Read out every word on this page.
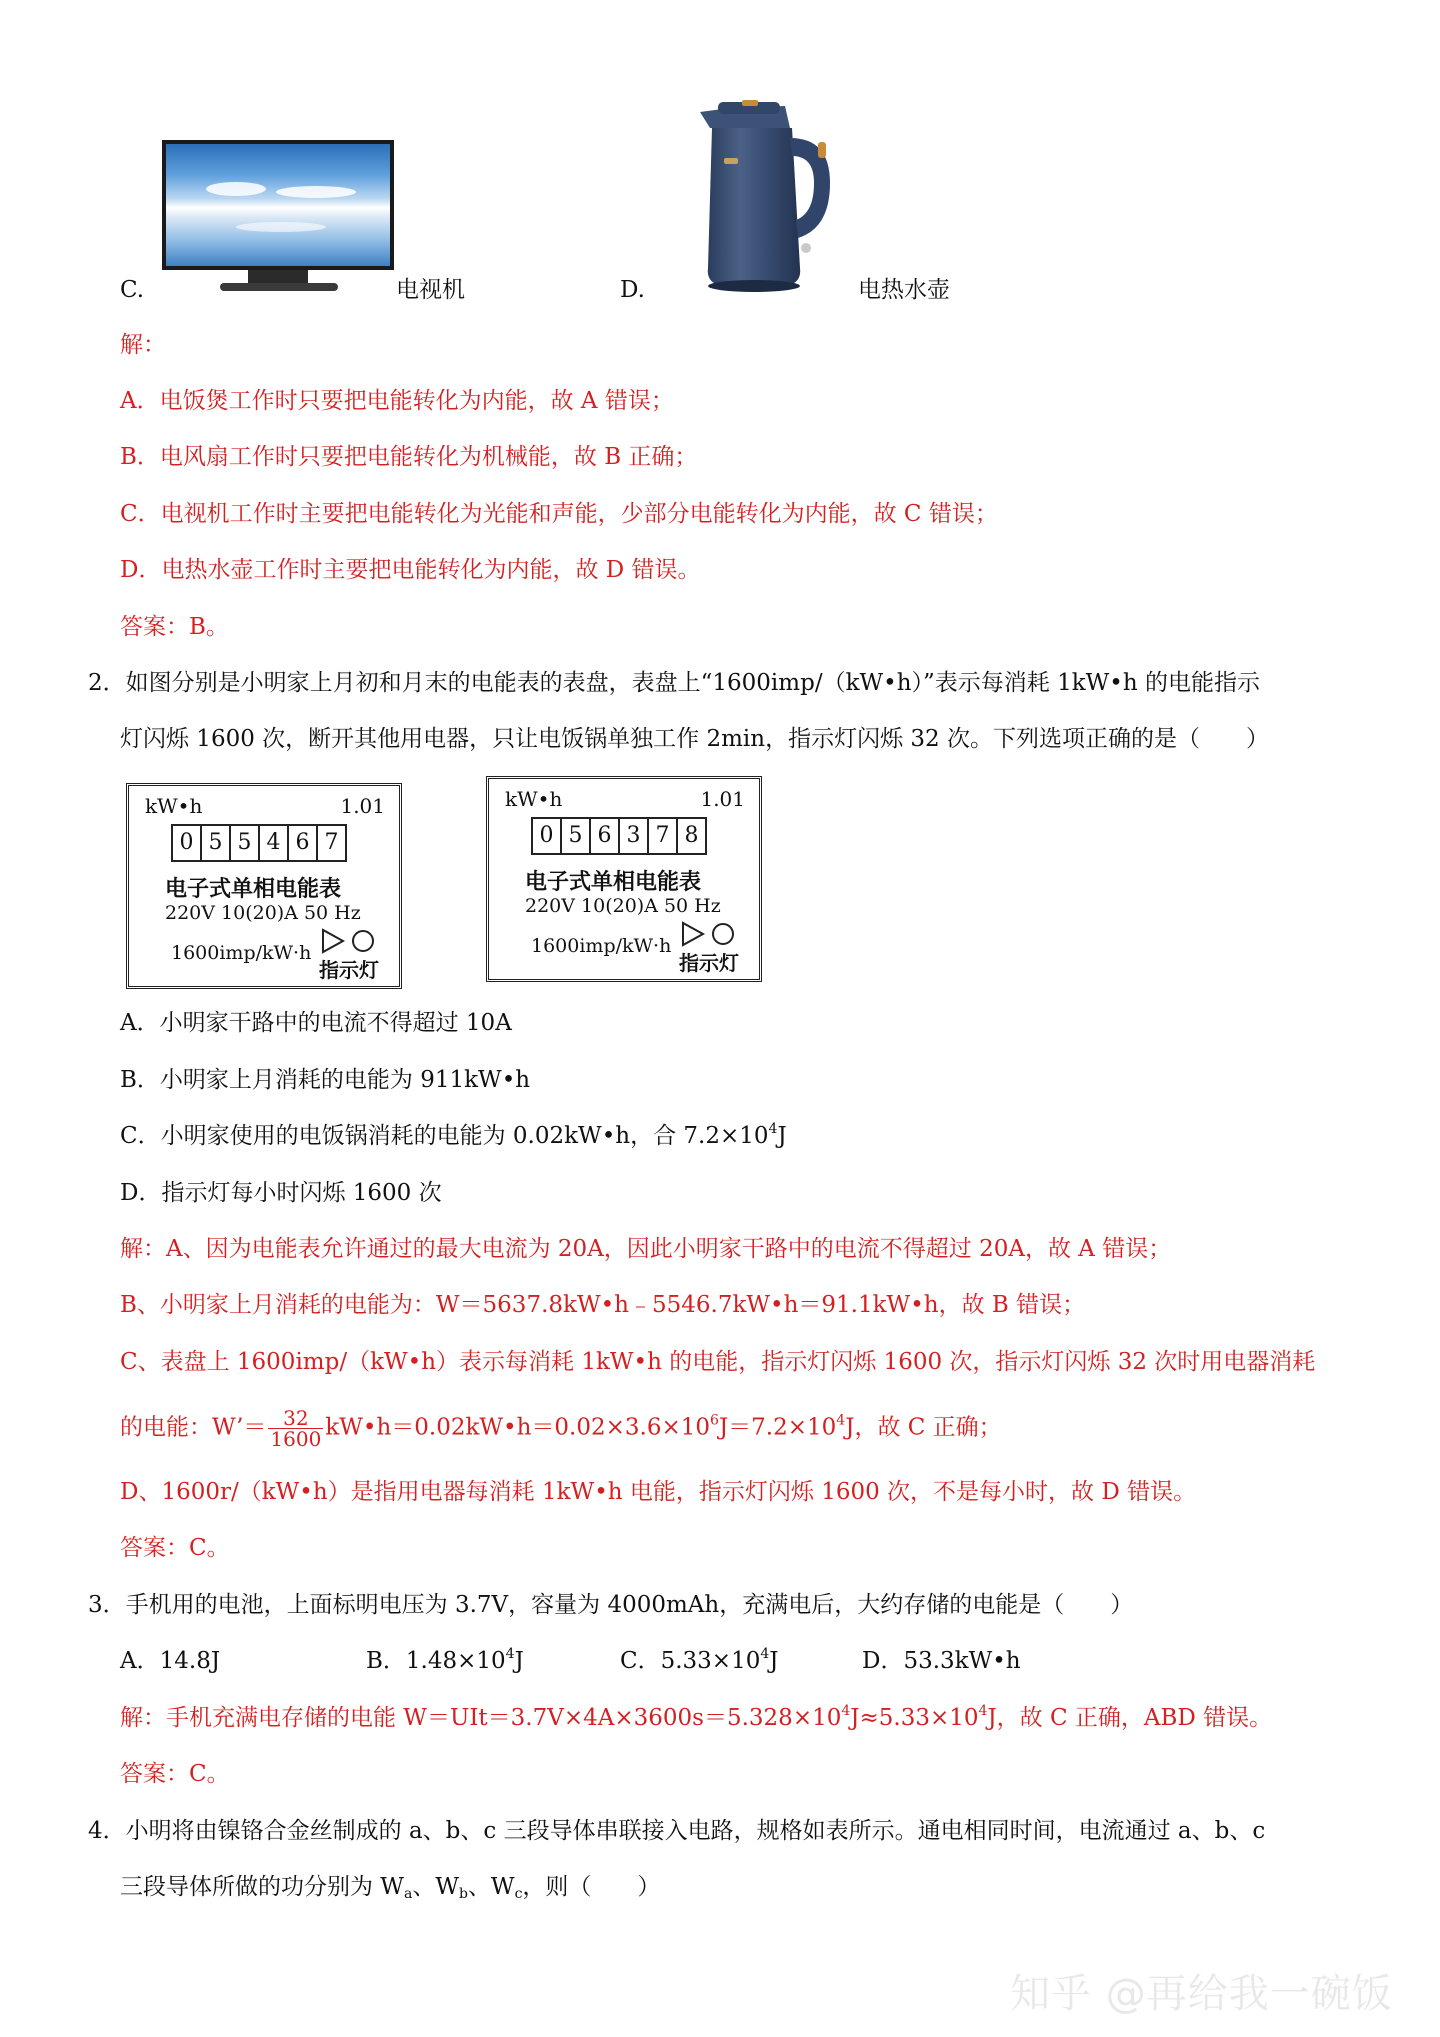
C.	电视机	D.	电热水壶
解：
A．电饭煲工作时只要把电能转化为内能，故 A 错误；
B．电风扇工作时只要把电能转化为机械能，故 B 正确；
C．电视机工作时主要把电能转化为光能和声能，少部分电能转化为内能，故 C 错误；
D．电热水壶工作时主要把电能转化为内能，故 D 错误。
答案：B。
2．如图分别是小明家上月初和月末的电能表的表盘，表盘上“1600imp/（kW•h）”表示每消耗 1kW•h 的电能指示
灯闪烁 1600 次，断开其他用电器，只让电饭锅单独工作 2min，指示灯闪烁 32 次。下列选项正确的是（　　）
kW•h	1.01
0 5 5 4 6 7
电子式单相电能表
220V 10(20)A 50 Hz
1600imp/kW·h
指示灯
kW•h	1.01
0 5 6 3 7 8
电子式单相电能表
220V 10(20)A 50 Hz
1600imp/kW·h
指示灯
A．小明家干路中的电流不得超过 10A
B．小明家上月消耗的电能为 911kW•h
C．小明家使用的电饭锅消耗的电能为 0.02kW•h，合 $7.2\times 10^4J$
D．指示灯每小时闪烁 1600 次
解：A、因为电能表允许通过的最大电流为 20A，因此小明家干路中的电流不得超过 20A，故 A 错误；
B、小明家上月消耗的电能为：W＝5637.8kW•h﹣5546.7kW•h＝91.1kW•h，故 B 错误；
C、表盘上 1600imp/（kW•h）表示每消耗 1kW•h 的电能，指示灯闪烁 1600 次，指示灯闪烁 32 次时用电器消耗
的电能：W’＝ $\frac{32}{1600}$ $kW•h=0.02kW•h=0.02\times 3.6\times 10^6J=7.2\times 10^4J$，故 C 正确；
D、1600r/（kW•h）是指用电器每消耗 1kW•h 电能，指示灯闪烁 1600 次，不是每小时，故 D 错误。
答案：C。
3．手机用的电池，上面标明电压为 3.7V，容量为 4000mAh，充满电后，大约存储的电能是（　　）
A．14.8J	B．$1.48\times 10^4J$	C．$5.33\times 10^4J$	D．53.3kW•h
解：手机充满电存储的电能 $W=UIt=3.7V\times 4A\times 3600s=5.328\times 10^4J\approx 5.33\times 10^4J$，故 C 正确，ABD 错误。
答案：C。
4．小明将由镍铬合金丝制成的 a、b、c 三段导体串联接入电路，规格如表所示。通电相同时间，电流通过 a、b、c
三段导体所做的功分别为 $W_a$、$W_b$、$W_c$，则（　　）
知乎 @再给我一碗饭
